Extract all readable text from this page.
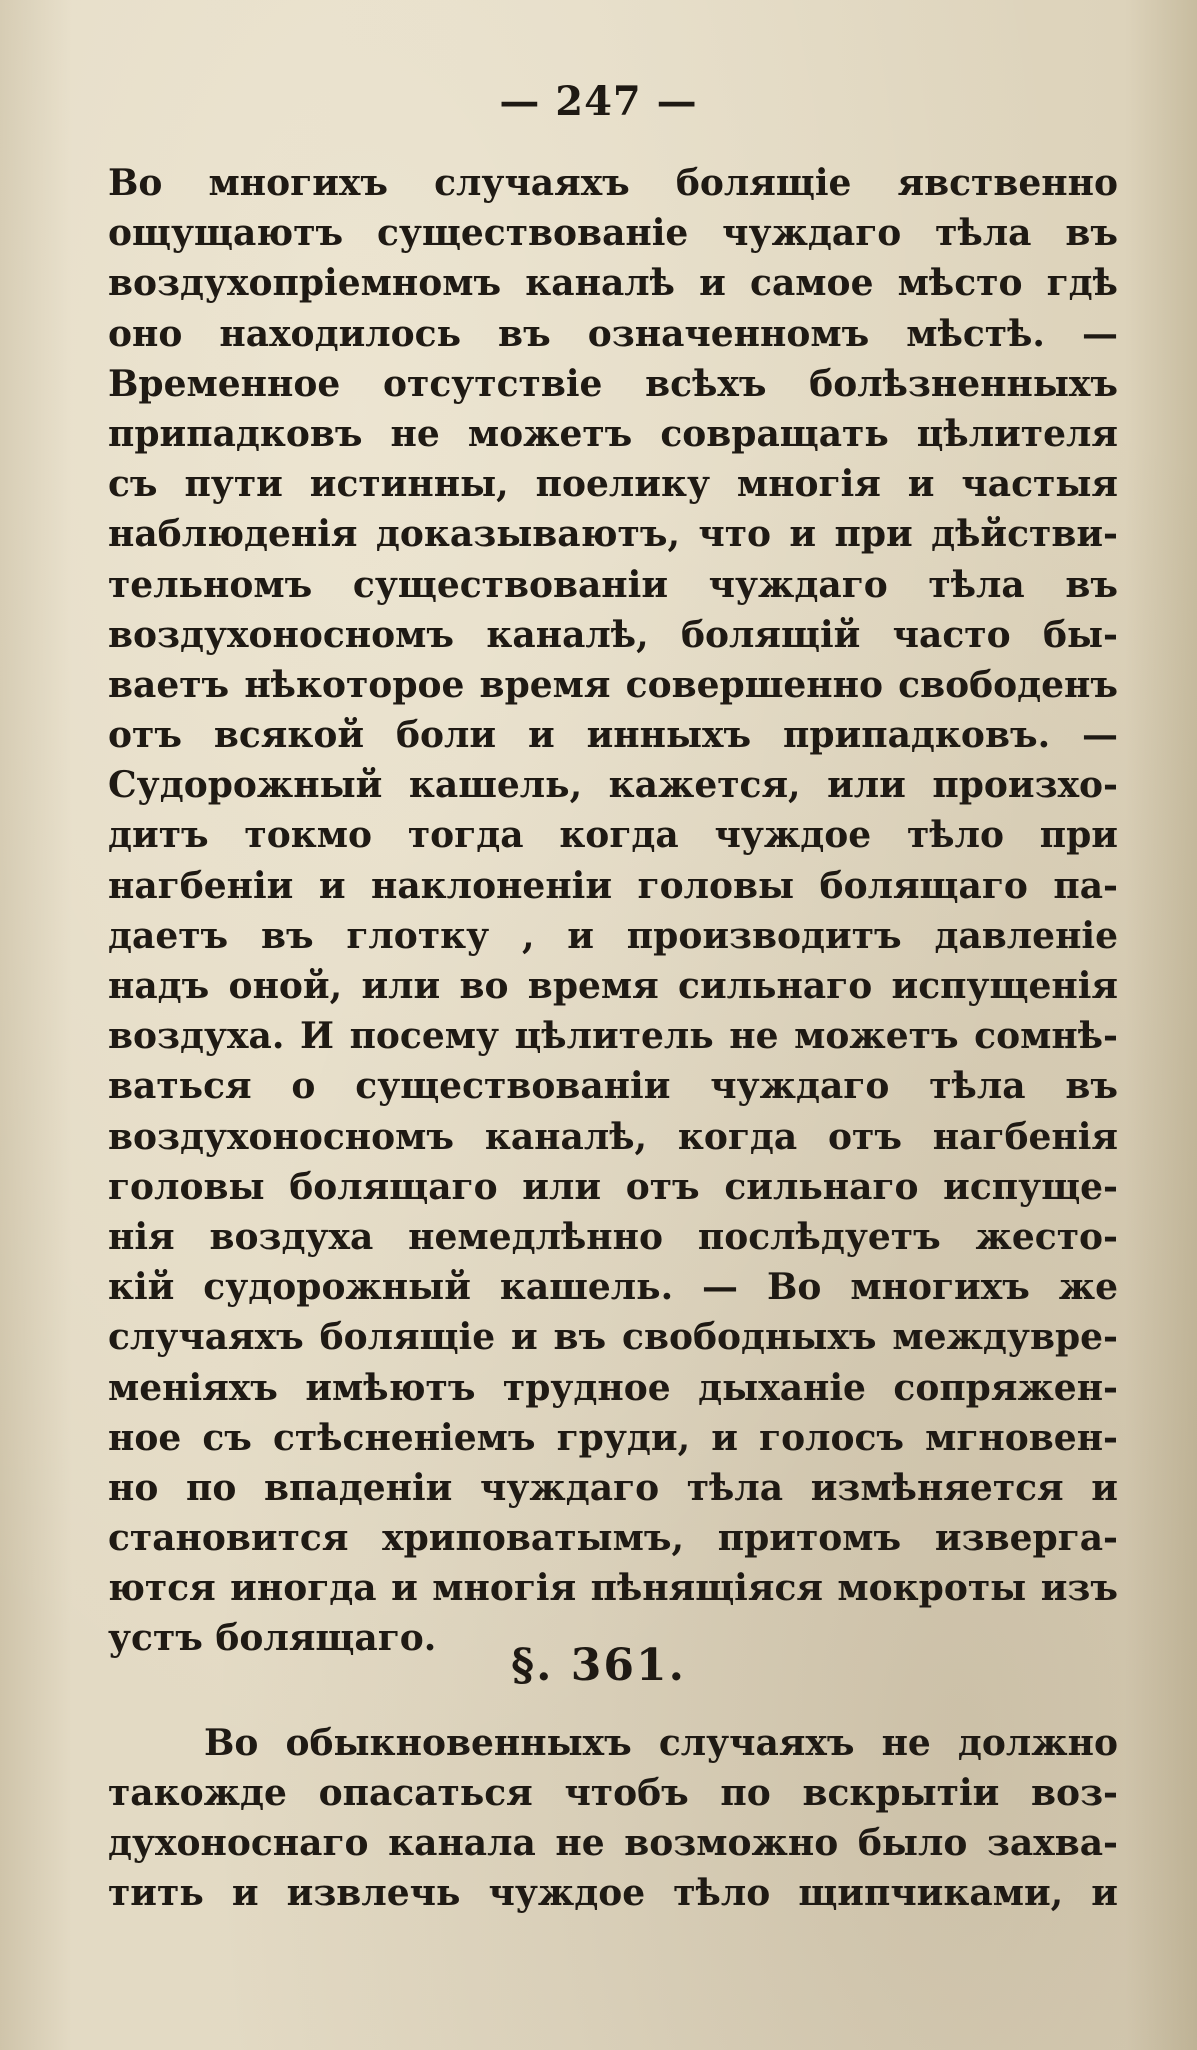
— 247 —
Во многихъ случаяхъ болящіе явственно
ощущаютъ существованіе чуждаго тѣла въ
воздухопріемномъ каналѣ и самое мѣсто гдѣ
оно находилось въ означенномъ мѣстѣ. —
Временное отсутствіе всѣхъ болѣзненныхъ
припадковъ не можетъ совращать цѣлителя
съ пути истинны, поелику многія и частыя
наблюденія доказываютъ, что и при дѣйстви-
тельномъ существованіи чуждаго тѣла въ
воздухоносномъ каналѣ, болящій часто бы-
ваетъ нѣкоторое время совершенно свободенъ
отъ всякой боли и инныхъ припадковъ. —
Судорожный кашель, кажется, или произхо-
дитъ токмо тогда когда чуждое тѣло при
нагбеніи и наклоненіи головы болящаго па-
даетъ въ глотку , и производитъ давленіе
надъ оной, или во время сильнаго испущенія
воздуха. И посему цѣлитель не можетъ сомнѣ-
ваться о существованіи чуждаго тѣла въ
воздухоносномъ каналѣ, когда отъ нагбенія
головы болящаго или отъ сильнаго испуще-
нія воздуха немедлѣнно послѣдуетъ жесто-
кій судорожный кашель. — Во многихъ же
случаяхъ болящіе и въ свободныхъ междувре-
меніяхъ имѣютъ трудное дыханіе сопряжен-
ное съ стѣсненіемъ груди, и голосъ мгновен-
но по впаденіи чуждаго тѣла измѣняется и
становится хриповатымъ, притомъ изверга-
ются иногда и многія пѣнящіяся мокроты изъ
устъ болящаго.
§. 361.
Во обыкновенныхъ случаяхъ не должно
такожде опасаться чтобъ по вскрытіи воз-
духоноснаго канала не возможно было захва-
тить и извлечь чуждое тѣло щипчиками, и
